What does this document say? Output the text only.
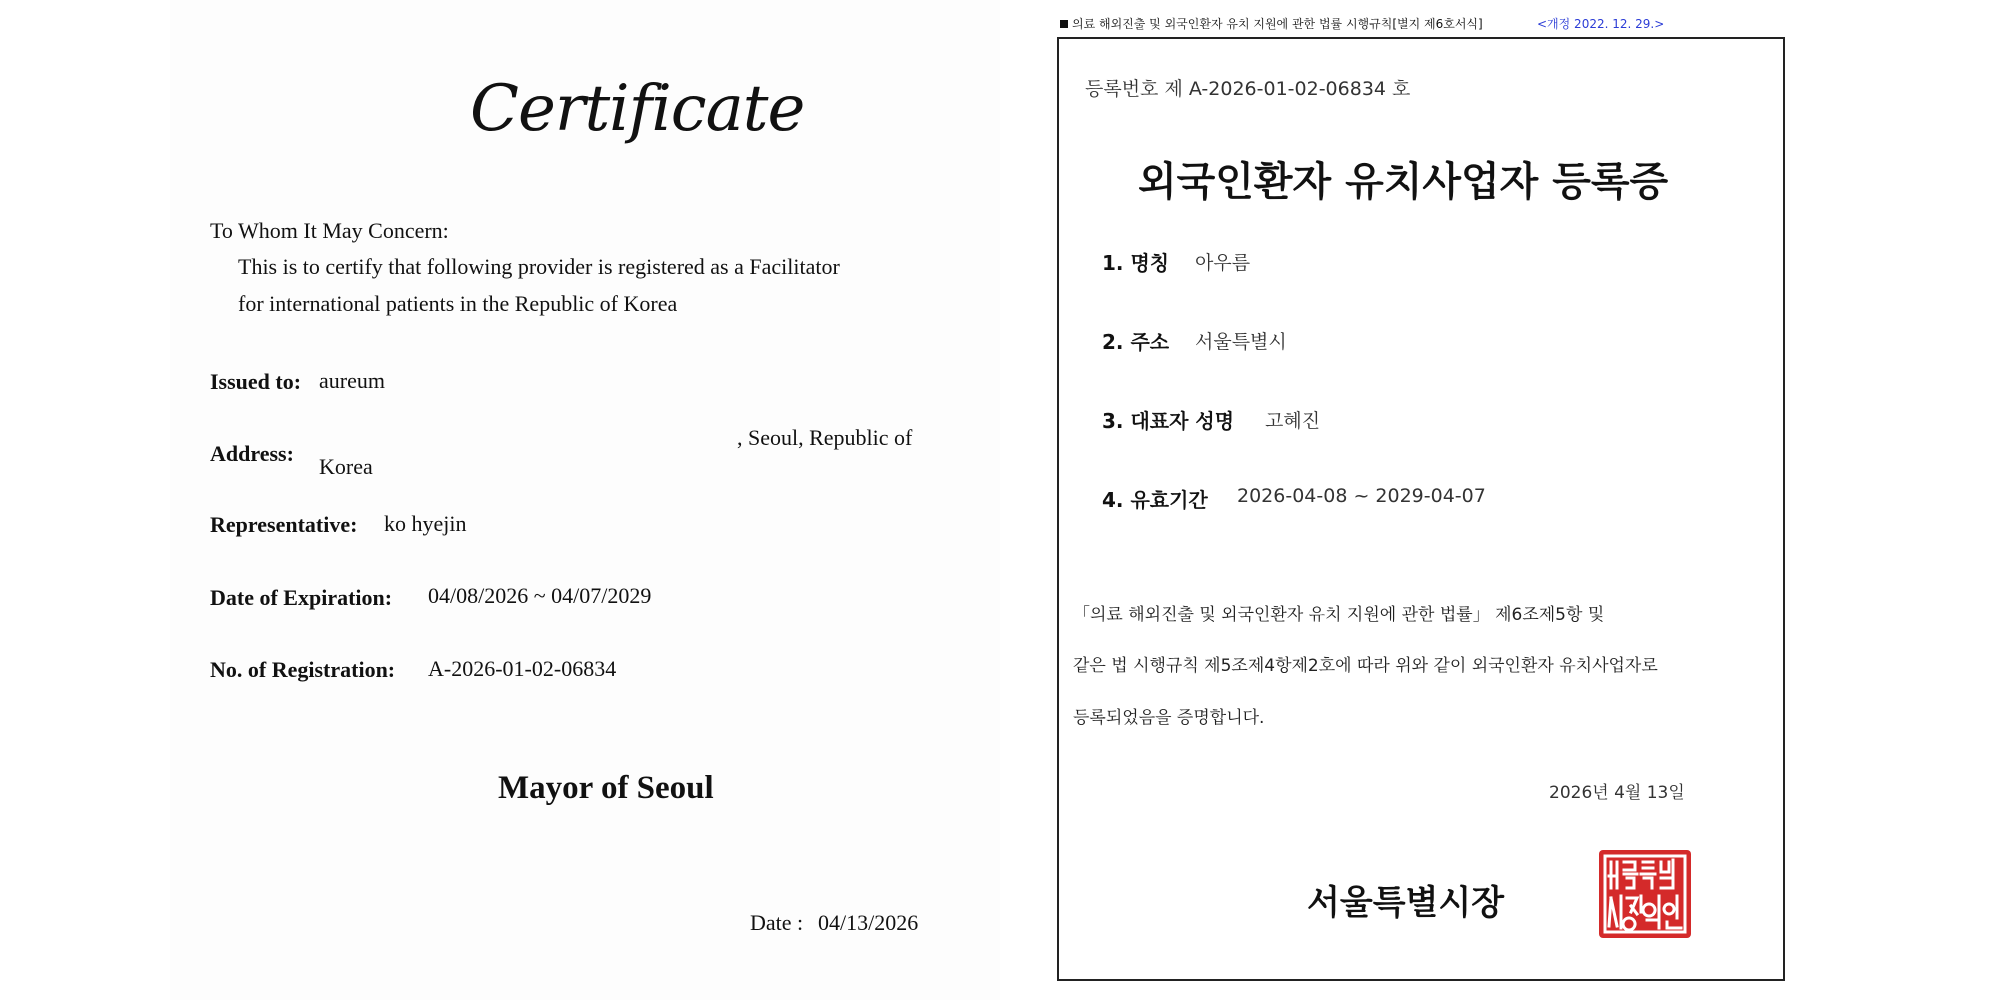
Certificate
To Whom It May Concern:
This is to certify that following provider is registered as a Facilitator
for international patients in the Republic of Korea
Issued to: aureum
Address:
, Seoul, Republic of
Korea
Representative: ko hyejin
Date of Expiration: 04/08/2026 ~ 04/07/2029
No. of Registration: A-2026-01-02-06834
Mayor of Seoul
Date : 04/13/2026
의료 해외진출 및 외국인환자 유치 지원에 관한 법률 시행규칙[별지 제6호서식]	<개정 2022. 12. 29.>
등록번호 제 A-2026-01-02-06834 호
외국인환자 유치사업자 등록증
1. 명칭 아우름
2. 주소 서울특별시
3. 대표자 성명 고혜진
4. 유효기간 2026-04-08 ~ 2029-04-07
「의료 해외진출 및 외국인환자 유치 지원에 관한 법률」 제6조제5항 및
같은 법 시행규칙 제5조제4항제2호에 따라 위와 같이 외국인환자 유치사업자로
등록되었음을 증명합니다.
2026년 4월 13일
서울특별시장
